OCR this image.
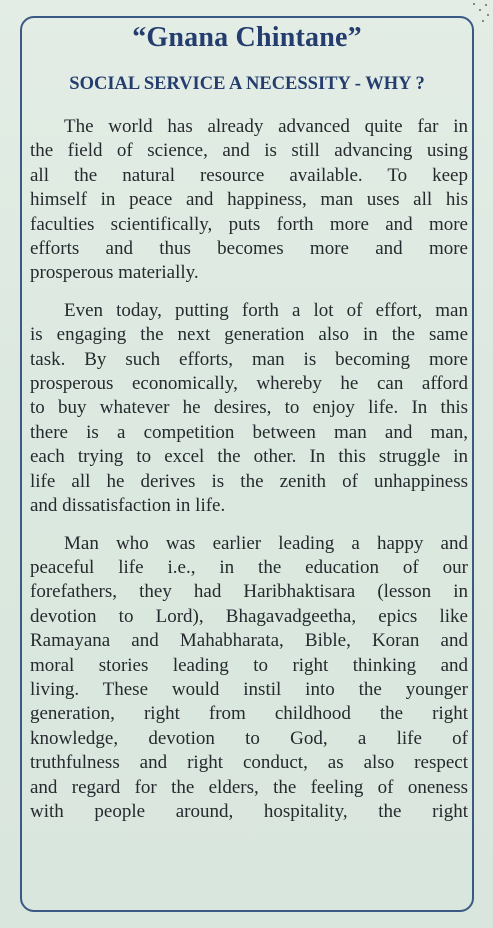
“Gnana Chintane”
SOCIAL SERVICE A NECESSITY - WHY ?

The world has already advanced quite far in
the field of science, and is still advancing using
all the natural resource available. To keep
himself in peace and happiness, man uses all his
faculties scientifically, puts forth more and more
efforts and thus becomes more and more
prosperous materially.

Even today, putting forth a lot of effort, man
is engaging the next generation also in the same
task. By such efforts, man is becoming more
prosperous economically, whereby he can afford
to buy whatever he desires, to enjoy life. In this
there is a competition between man and man,
each trying to excel the other. In this struggle in
life all he derives is the zenith of unhappiness
and dissatisfaction in life.

Man who was earlier leading a happy and
peaceful life i.e., in the education of our
forefathers, they had Haribhaktisara (lesson in
devotion to Lord), Bhagavadgeetha, epics like
Ramayana and Mahabharata, Bible, Koran and
moral stories leading to right thinking and
living. These would instil into the younger
generation, right from childhood the right
knowledge, devotion to God, a life of
truthfulness and right conduct, as also respect
and regard for the elders, the feeling of oneness
with people around, hospitality, the right
